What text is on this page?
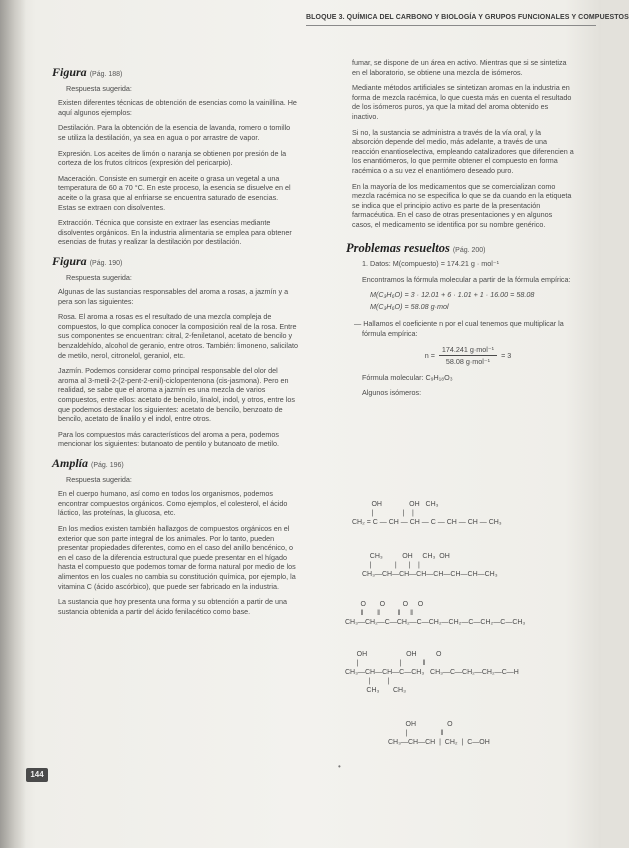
BLOQUE 3. QUÍMICA DEL CARBONO Y BIOLOGÍA Y GRUPOS FUNCIONALES Y COMPUESTOS
Figura (Pág. 188)
Respuesta sugerida:

Existen diferentes técnicas de obtención de esencias como la vainillina. He aquí algunos ejemplos:

Destilación. Para la obtención de la esencia de lavanda, romero o tomillo se utiliza la destilación, ya sea en agua o por arrastre de vapor.

Expresión. Los aceites de limón o naranja se obtienen por presión de la corteza de los frutos cítricos (expresión del pericarpio).

Maceración. Consiste en sumergir en aceite o grasa un vegetal a una temperatura de 60 a 70 °C. En este proceso, la esencia se disuelve en el aceite o la grasa que al enfriarse se encuentra saturado de esencias. Estas se extraen con disolventes.

Extracción. Técnica que consiste en extraer las esencias mediante disolventes orgánicos. En la industria alimentaria se emplea para obtener esencias de frutas y realizar la destilación por destilación.

Figura (Pág. 190)
Respuesta sugerida:

Algunas de las sustancias responsables del aroma a rosas, a jazmín y a pera son las siguientes:

Rosa. El aroma a rosas es el resultado de una mezcla compleja de compuestos, lo que complica conocer la composición real de la rosa. Entre sus componentes se encuentran: citral, 2-feniletanol, acetato de bencilo y benzaldehído, alcohol de geranio, entre otros. También: limoneno, salicilato de metilo, nerol, citronelol, geraniol, etc.

Jazmín. Podemos considerar como principal responsable del olor del aroma al 3-metil-2-(2-pent-2-enil)-ciclopentenona (cis-jasmona). Pero en realidad, se sabe que el aroma a jazmín es una mezcla de varios compuestos, entre ellos: acetato de bencilo, linalol, indol, y otros, entre los que podemos destacar los siguientes: acetato de bencilo, benzoato de bencilo, acetato de linalilo y el indol, entre otros.

Para los compuestos más característicos del aroma a pera, podemos mencionar los siguientes: butanoato de pentilo y butanoato de metilo.

Amplía (Pág. 196)
Respuesta sugerida:

En el cuerpo humano, así como en todos los organismos, podemos encontrar compuestos orgánicos. Como ejemplos, el colesterol, el ácido láctico, las proteínas, la glucosa, etc.

En los medios existen también hallazgos de compuestos orgánicos en el exterior que son parte integral de los animales. Por lo tanto, pueden presentar propiedades diferentes, como en el caso del anillo bencénico, o en el caso de la diferencia estructural que puede presentar en el hígado hasta el compuesto que podemos tomar de forma natural por medio de los alimentos en los cuales no cambia su constitución química, por ejemplo, la vitamina C (ácido ascórbico), que puede ser fabricado en la industria.

La sustancia que hoy presenta una forma y su obtención a partir de una sustancia obtenida a partir del ácido fenilacético como base.

fumar, se dispone de un área en activo. Mientras que si se sintetiza en el laboratorio, se obtiene una mezcla de isómeros.

Mediante métodos artificiales se sintetizan aromas en la industria en forma de mezcla racémica, lo que cuesta más en cuenta el resultado de los isómeros puros, ya que la mitad del aroma obtenido es inactivo.

Si no, la sustancia se administra a través de la vía oral, y la absorción depende del medio, más adelante, a través de una reacción enantioselectiva, empleando catalizadores que diferencien a los enantiómeros, lo que permite obtener el compuesto en forma racémica o a su vez el enantiómero deseado puro.

En la mayoría de los medicamentos que se comercializan como mezcla racémica no se especifica lo que se da cuando en la etiqueta se indica que el principio activo es parte de la presentación farmacéutica. En el caso de otras presentaciones y en algunos casos, el medicamento se identifica por su nombre genérico.

Problemas resueltos (Pág. 200)

1. Datos: M(compuesto) = 174.21 g · mol⁻¹

Encontramos la fórmula molecular a partir de la fórmula empírica:

M(C₃H₆O) = 3 · 12.01 + 6 · 1.01 + 1 · 16.00 = 58.08
M(C₃H₆O) = 58.08 g·mol

— Hallamos el coeficiente n por el cual tenemos que multiplicar la fórmula empírica:

$n = \frac{\text{174.241 g·mol⁻¹}}{\text{58.08 g·mol⁻¹}} = 3$

Fórmula molecular: C₉H₁₈O₃

Algunos isómeros:

OH              OH   CH₃
|               |    |
CH₂ = C — CH — CH — C — CH — CH — CH₃
CH₃          OH     CH₃  OH
|            |      |    |
CH₃—CH—CH—CH—CH—CH—CH—CH₃
O       O         O     O
‖       ‖         ‖     ‖
CH₃—CH₂—C—CH₂—C—CH₂—CH₂—C—CH₂—C—CH₃
OH                    OH          O
|                     |           ‖
CH₃—CH—CH—C—CH₃   CH₃—C—CH₂—CH₂—C—H
|         |
CH₃       CH₃
OH                O
|                 ‖
CH₃—CH—CH  |  CH₂  |  C—OH
144
•
